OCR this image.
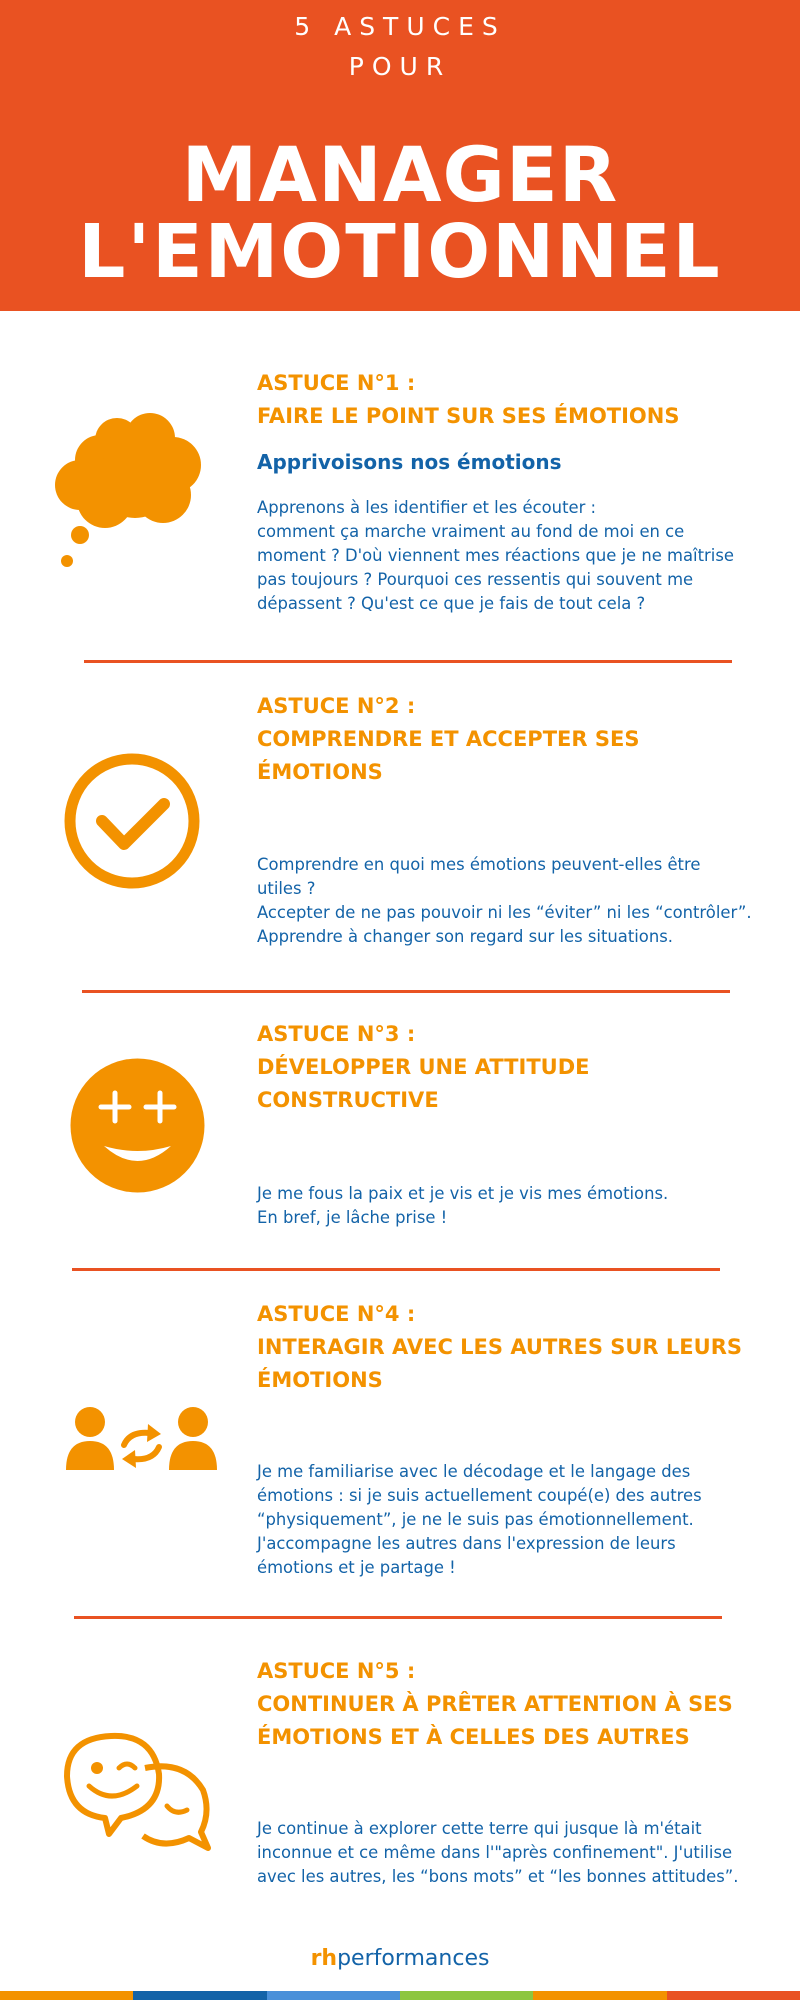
5 ASTUCES
POUR
MANAGER
L'EMOTIONNEL
ASTUCE N°1 :
FAIRE LE POINT SUR SES ÉMOTIONS
Apprivoisons nos émotions
Apprenons à les identifier et les écouter :
comment ça marche vraiment au fond de moi en ce
moment ? D'où viennent mes réactions que je ne maîtrise
pas toujours ? Pourquoi ces ressentis qui souvent me
dépassent ? Qu'est ce que je fais de tout cela ?
ASTUCE N°2 :
COMPRENDRE ET ACCEPTER SES
ÉMOTIONS
Comprendre en quoi mes émotions peuvent-elles être
utiles ?
Accepter de ne pas pouvoir ni les “éviter” ni les “contrôler”.
Apprendre à changer son regard sur les situations.
ASTUCE N°3 :
DÉVELOPPER UNE ATTITUDE
CONSTRUCTIVE
Je me fous la paix et je vis et je vis mes émotions.
En bref, je lâche prise !
ASTUCE N°4 :
INTERAGIR AVEC LES AUTRES SUR LEURS
ÉMOTIONS
Je me familiarise avec le décodage et le langage des
émotions : si je suis actuellement coupé(e) des autres
“physiquement”, je ne le suis pas émotionnellement.
J'accompagne les autres dans l'expression de leurs
émotions et je partage !
ASTUCE N°5 :
CONTINUER À PRÊTER ATTENTION À SES
ÉMOTIONS ET À CELLES DES AUTRES
Je continue à explorer cette terre qui jusque là m'était
inconnue et ce même dans l'"après confinement". J'utilise
avec les autres, les “bons mots” et “les bonnes attitudes”.
rhperformances
